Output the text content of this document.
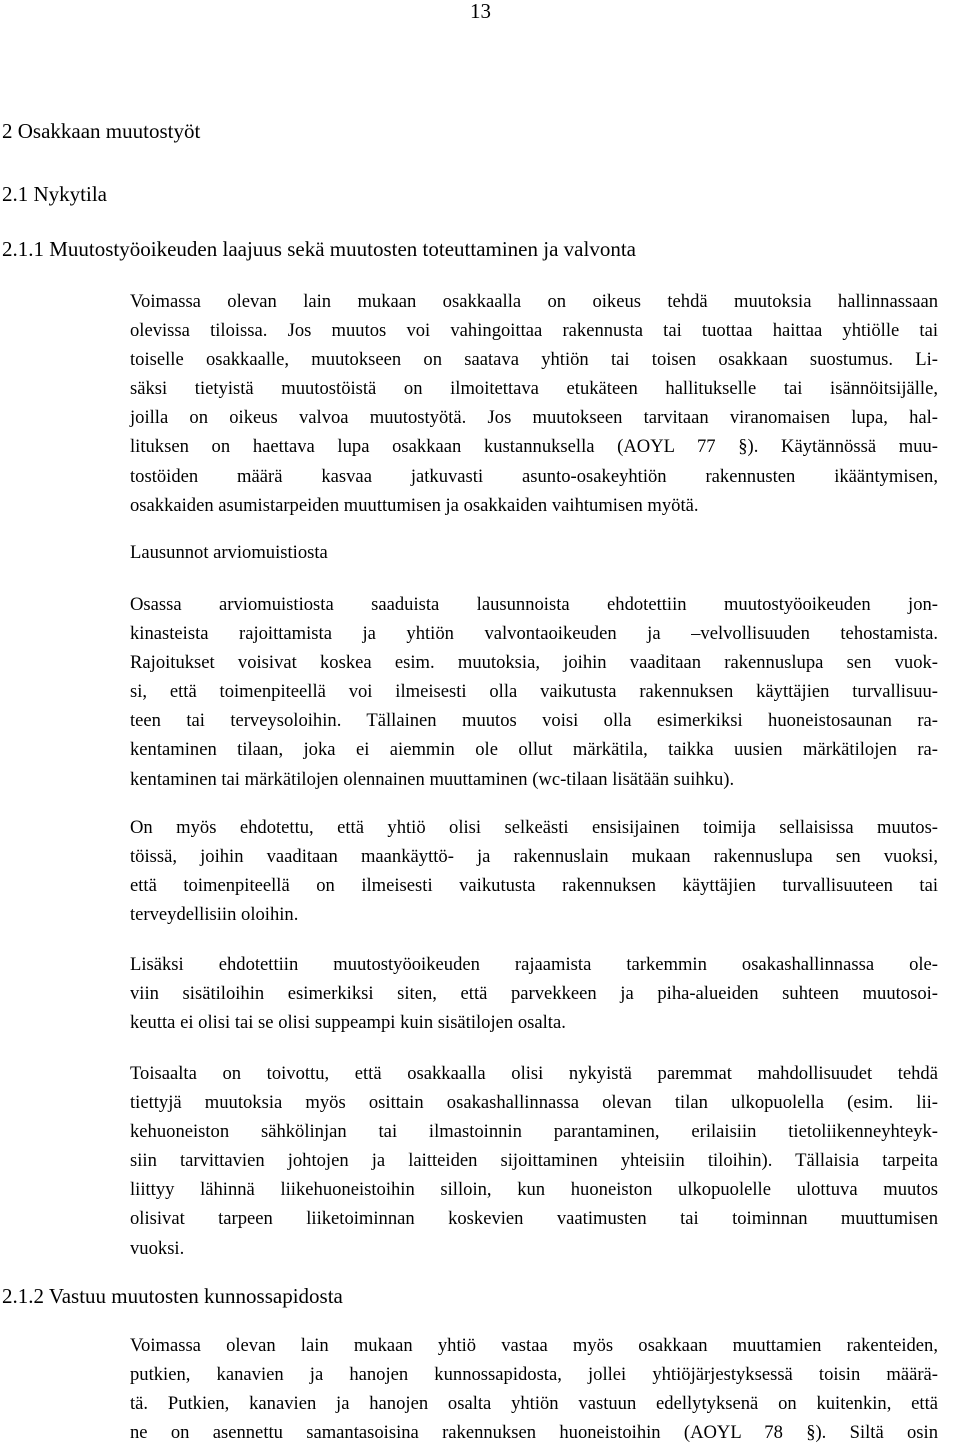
13
2 Osakkaan muutostyöt
2.1 Nykytila
2.1.1 Muutostyöoikeuden laajuus sekä muutosten toteuttaminen ja valvonta
Voimassa olevan lain mukaan osakkaalla on oikeus tehdä muutoksia hallinnassaan
olevissa tiloissa. Jos muutos voi vahingoittaa rakennusta tai tuottaa haittaa yhtiölle tai
toiselle osakkaalle, muutokseen on saatava yhtiön tai toisen osakkaan suostumus. Li-
säksi tietyistä muutostöistä on ilmoitettava etukäteen hallitukselle tai isännöitsijälle,
joilla on oikeus valvoa muutostyötä. Jos muutokseen tarvitaan viranomaisen lupa, hal-
lituksen on haettava lupa osakkaan kustannuksella (AOYL 77 §). Käytännössä muu-
tostöiden määrä kasvaa jatkuvasti asunto-osakeyhtiön rakennusten ikääntymisen,
osakkaiden asumistarpeiden muuttumisen ja osakkaiden vaihtumisen myötä.
Lausunnot arviomuistiosta
Osassa arviomuistiosta saaduista lausunnoista ehdotettiin muutostyöoikeuden jon-
kinasteista rajoittamista ja yhtiön valvontaoikeuden ja –velvollisuuden tehostamista.
Rajoitukset voisivat koskea esim. muutoksia, joihin vaaditaan rakennuslupa sen vuok-
si, että toimenpiteellä voi ilmeisesti olla vaikutusta rakennuksen käyttäjien turvallisuu-
teen tai terveysoloihin. Tällainen muutos voisi olla esimerkiksi huoneistosaunan ra-
kentaminen tilaan, joka ei aiemmin ole ollut märkätila, taikka uusien märkätilojen ra-
kentaminen tai märkätilojen olennainen muuttaminen (wc-tilaan lisätään suihku).
On myös ehdotettu, että yhtiö olisi selkeästi ensisijainen toimija sellaisissa muutos-
töissä, joihin vaaditaan maankäyttö- ja rakennuslain mukaan rakennuslupa sen vuoksi,
että toimenpiteellä on ilmeisesti vaikutusta rakennuksen käyttäjien turvallisuuteen tai
terveydellisiin oloihin.
Lisäksi ehdotettiin muutostyöoikeuden rajaamista tarkemmin osakashallinnassa ole-
viin sisätiloihin esimerkiksi siten, että parvekkeen ja piha-alueiden suhteen muutosoi-
keutta ei olisi tai se olisi suppeampi kuin sisätilojen osalta.
Toisaalta on toivottu, että osakkaalla olisi nykyistä paremmat mahdollisuudet tehdä
tiettyjä muutoksia myös osittain osakashallinnassa olevan tilan ulkopuolella (esim. lii-
kehuoneiston sähkölinjan tai ilmastoinnin parantaminen, erilaisiin tietoliikenneyhteyk-
siin tarvittavien johtojen ja laitteiden sijoittaminen yhteisiin tiloihin). Tällaisia tarpeita
liittyy lähinnä liikehuoneistoihin silloin, kun huoneiston ulkopuolelle ulottuva muutos
olisivat tarpeen liiketoiminnan koskevien vaatimusten tai toiminnan muuttumisen
vuoksi.
2.1.2 Vastuu muutosten kunnossapidosta
Voimassa olevan lain mukaan yhtiö vastaa myös osakkaan muuttamien rakenteiden,
putkien, kanavien ja hanojen kunnossapidosta, jollei yhtiöjärjestyksessä toisin määrä-
tä. Putkien, kanavien ja hanojen osalta yhtiön vastuun edellytyksenä on kuitenkin, että
ne on asennettu samantasoisina rakennuksen huoneistoihin (AOYL 78 §). Siltä osin
